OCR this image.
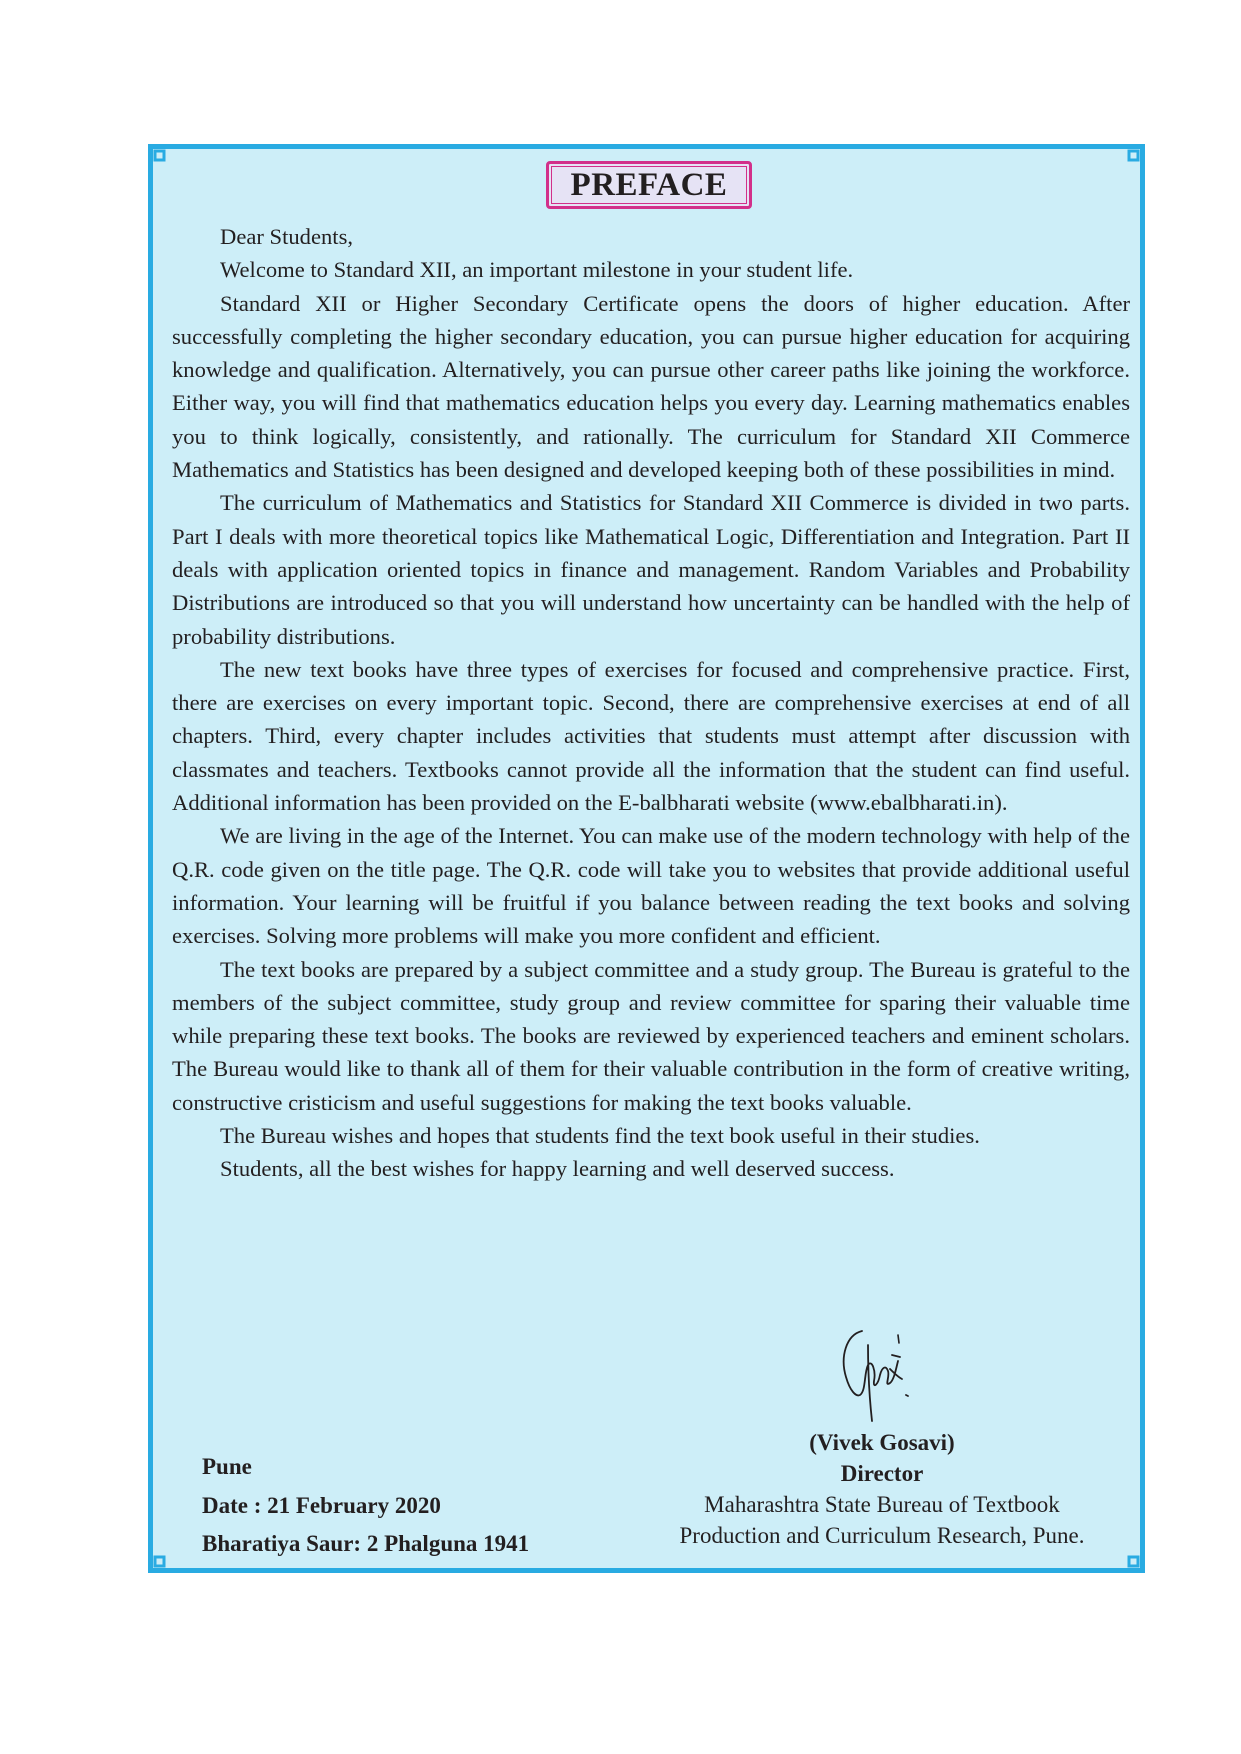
PREFACE

Dear Students,

Welcome to Standard XII, an important milestone in your student life.

Standard XII or Higher Secondary Certificate opens the doors of higher education. After successfully completing the higher secondary education, you can pursue higher education for acquiring knowledge and qualification. Alternatively, you can pursue other career paths like joining the workforce. Either way, you will find that mathematics education helps you every day. Learning mathematics enables you to think logically, consistently, and rationally. The curriculum for Standard XII Commerce Mathematics and Statistics has been designed and developed keeping both of these possibilities in mind.

The curriculum of Mathematics and Statistics for Standard XII Commerce is divided in two parts. Part I deals with more theoretical topics like Mathematical Logic, Differentiation and Integration. Part II deals with application oriented topics in finance and management. Random Variables and Probability Distributions are introduced so that you will understand how uncertainty can be handled with the help of probability distributions.

The new text books have three types of exercises for focused and comprehensive practice. First, there are exercises on every important topic. Second, there are comprehensive exercises at end of all chapters. Third, every chapter includes activities that students must attempt after discussion with classmates and teachers. Textbooks cannot provide all the information that the student can find useful. Additional information has been provided on the E-balbharati website (www.ebalbharati.in).

We are living in the age of the Internet. You can make use of the modern technology with help of the Q.R. code given on the title page. The Q.R. code will take you to websites that provide additional useful information. Your learning will be fruitful if you balance between reading the text books and solving exercises. Solving more problems will make you more confident and efficient.

The text books are prepared by a subject committee and a study group. The Bureau is grateful to the members of the subject committee, study group and review committee for sparing their valuable time while preparing these text books. The books are reviewed by experienced teachers and eminent scholars. The Bureau would like to thank all of them for their valuable contribution in the form of creative writing, constructive cristicism and useful suggestions for making the text books valuable.

The Bureau wishes and hopes that students find the text book useful in their studies.

Students, all the best wishes for happy learning and well deserved success.

Pune
Date : 21 February 2020
Bharatiya Saur: 2 Phalguna 1941
(Vivek Gosavi)
Director
Maharashtra State Bureau of Textbook
Production and Curriculum Research, Pune.
